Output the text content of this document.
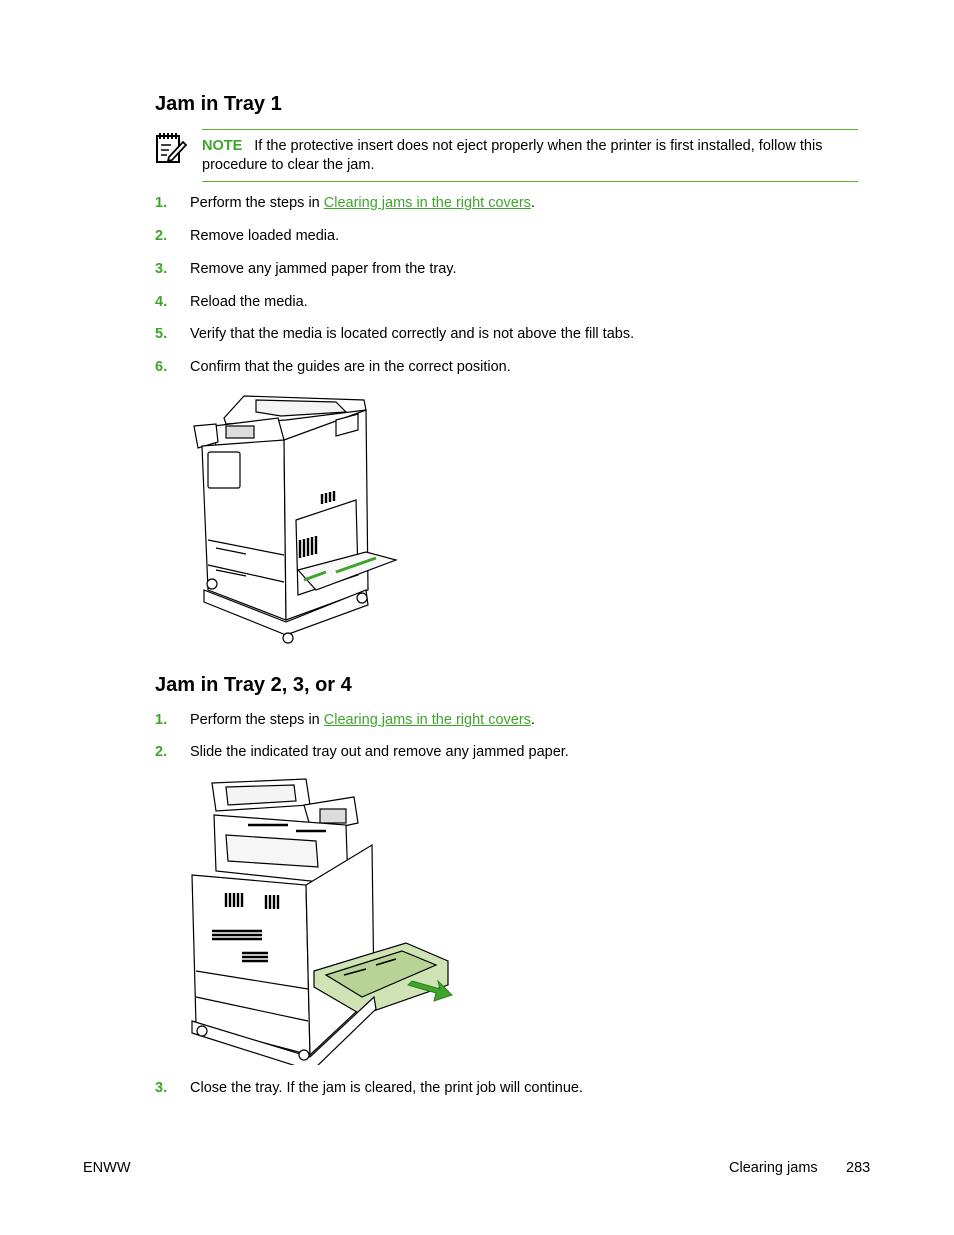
Jam in Tray 1
NOTE If the protective insert does not eject properly when the printer is first installed, follow this procedure to clear the jam.
1. Perform the steps in Clearing jams in the right covers.
2. Remove loaded media.
3. Remove any jammed paper from the tray.
4. Reload the media.
5. Verify that the media is located correctly and is not above the fill tabs.
6. Confirm that the guides are in the correct position.
Jam in Tray 2, 3, or 4
1. Perform the steps in Clearing jams in the right covers.
2. Slide the indicated tray out and remove any jammed paper.
3. Close the tray. If the jam is cleared, the print job will continue.
ENWW	Clearing jams 283
